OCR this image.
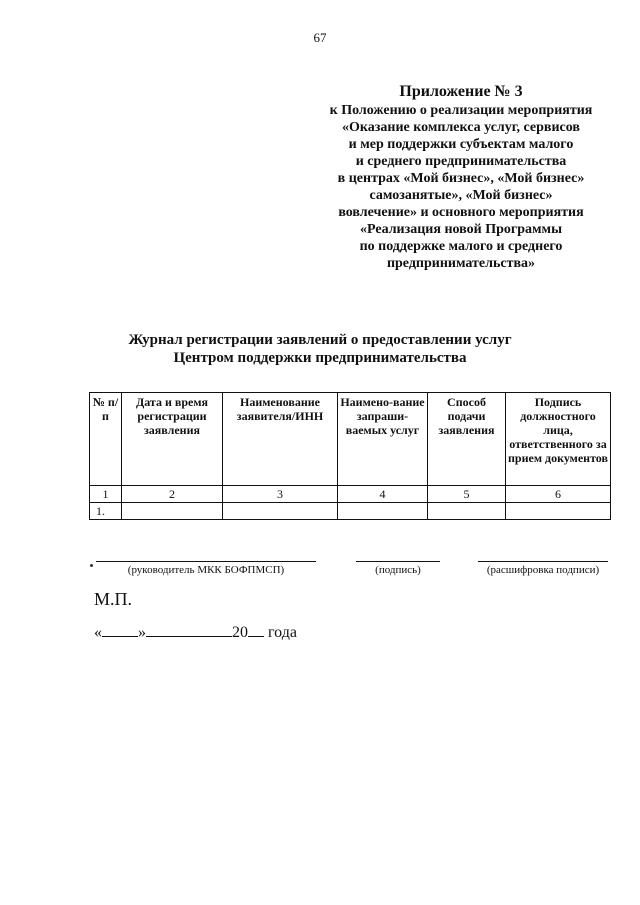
67
Приложение № 3
к Положению о реализации мероприятия
«Оказание комплекса услуг, сервисов
и мер поддержки субъектам малого
и среднего предпринимательства
в центрах «Мой бизнес», «Мой бизнес»
самозанятые», «Мой бизнес»
вовлечение» и основного мероприятия
«Реализация новой Программы
по поддержке малого и среднего
предпринимательства»
Журнал регистрации заявлений о предоставлении услуг
Центром поддержки предпринимательства
№ п/п	Дата и время регистрации заявления	Наименование заявителя/ИНН	Наимено-вание запраши-ваемых услуг	Способ подачи заявления	Подпись должностного лица, ответственного за прием документов
1	2	3	4	5	6
1.					
(руководитель МКК БОФПМСП)	(подпись)	(расшифровка подписи)
М.П.
« »	20 года
